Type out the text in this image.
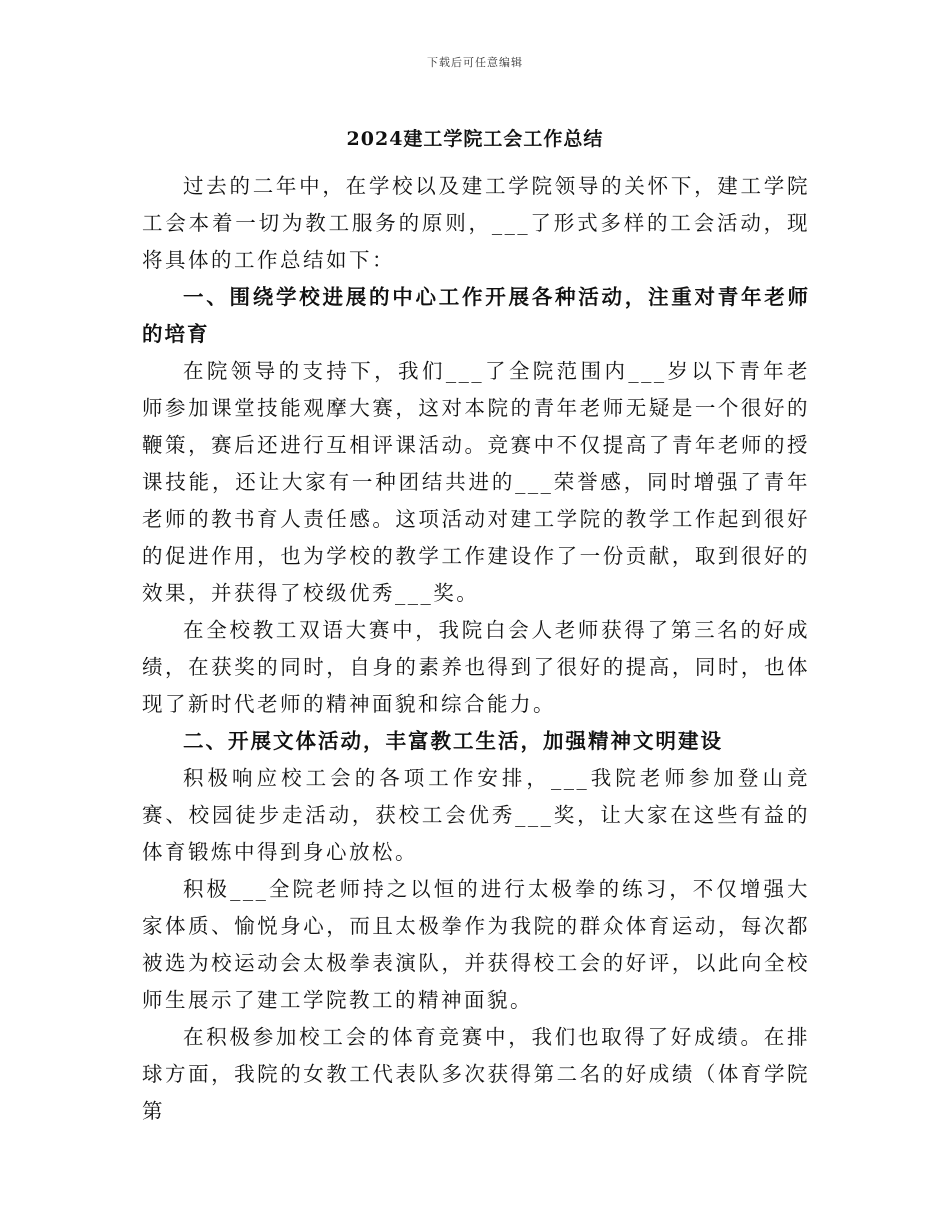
下载后可任意编辑
2024建工学院工会工作总结

过去的二年中，在学校以及建工学院领导的关怀下，建工学院工会本着一切为教工服务的原则，___了形式多样的工会活动，现将具体的工作总结如下：

一、围绕学校进展的中心工作开展各种活动，注重对青年老师的培育

在院领导的支持下，我们___了全院范围内___岁以下青年老师参加课堂技能观摩大赛，这对本院的青年老师无疑是一个很好的鞭策，赛后还进行互相评课活动。竞赛中不仅提高了青年老师的授课技能，还让大家有一种团结共进的___荣誉感，同时增强了青年老师的教书育人责任感。这项活动对建工学院的教学工作起到很好的促进作用，也为学校的教学工作建设作了一份贡献，取到很好的效果，并获得了校级优秀___奖。

在全校教工双语大赛中，我院白会人老师获得了第三名的好成绩，在获奖的同时，自身的素养也得到了很好的提高，同时，也体现了新时代老师的精神面貌和综合能力。

二、开展文体活动，丰富教工生活，加强精神文明建设

积极响应校工会的各项工作安排，___我院老师参加登山竞赛、校园徒步走活动，获校工会优秀___奖，让大家在这些有益的体育锻炼中得到身心放松。

积极___全院老师持之以恒的进行太极拳的练习，不仅增强大家体质、愉悦身心，而且太极拳作为我院的群众体育运动，每次都被选为校运动会太极拳表演队，并获得校工会的好评，以此向全校师生展示了建工学院教工的精神面貌。

在积极参加校工会的体育竞赛中，我们也取得了好成绩。在排球方面，我院的女教工代表队多次获得第二名的好成绩（体育学院第
